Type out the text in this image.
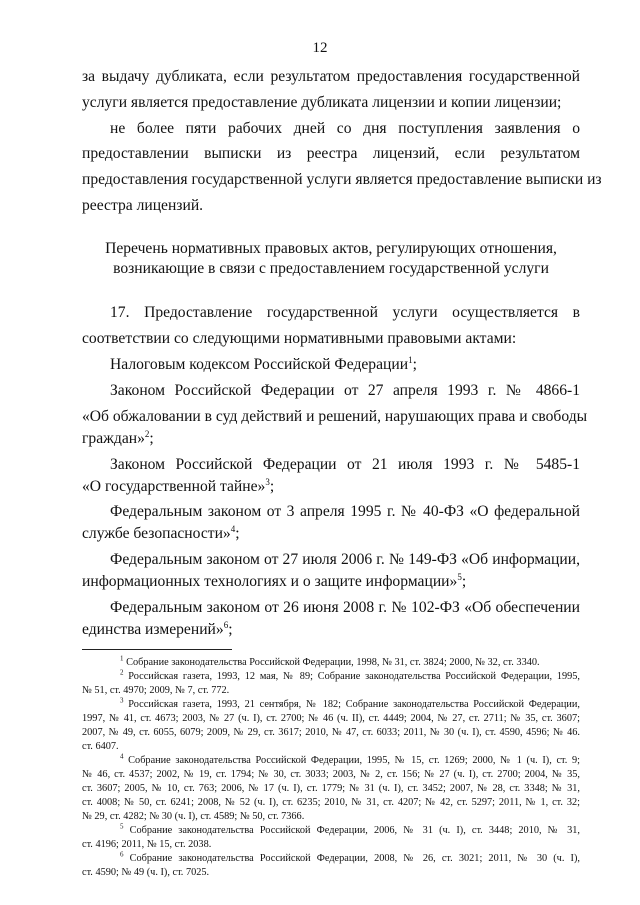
12
за выдачу дубликата, если результатом предоставления государственной
услуги является предоставление дубликата лицензии и копии лицензии;
не более пяти рабочих дней со дня поступления заявления о
предоставлении выписки из реестра лицензий, если результатом
предоставления государственной услуги является предоставление выписки из
реестра лицензий.
Перечень нормативных правовых актов, регулирующих отношения,
возникающие в связи с предоставлением государственной услуги
17. Предоставление государственной услуги осуществляется в
соответствии со следующими нормативными правовыми актами:
Налоговым кодексом Российской Федерации$^1$;
Законом Российской Федерации от 27 апреля 1993 г. № 4866-1
«Об обжаловании в суд действий и решений, нарушающих права и свободы
граждан»$^2$;
Законом Российской Федерации от 21 июля 1993 г. № 5485-1
«О государственной тайне»$^3$;
Федеральным законом от 3 апреля 1995 г. № 40-ФЗ «О федеральной
службе безопасности»$^4$;
Федеральным законом от 27 июля 2006 г. № 149-ФЗ «Об информации,
информационных технологиях и о защите информации»$^5$;
Федеральным законом от 26 июня 2008 г. № 102-ФЗ «Об обеспечении
единства измерений»$^6$;
$^1$ Собрание законодательства Российской Федерации, 1998, № 31, ст. 3824; 2000, № 32, ст. 3340.
$^2$ Российская газета, 1993, 12 мая, № 89; Собрание законодательства Российской Федерации, 1995,
№ 51, ст. 4970; 2009, № 7, ст. 772.
$^3$ Российская газета, 1993, 21 сентября, № 182; Собрание законодательства Российской Федерации,
1997, № 41, ст. 4673; 2003, № 27 (ч. I), ст. 2700; № 46 (ч. II), ст. 4449; 2004, № 27, ст. 2711; № 35, ст. 3607;
2007, № 49, ст. 6055, 6079; 2009, № 29, ст. 3617; 2010, № 47, ст. 6033; 2011, № 30 (ч. I), ст. 4590, 4596; № 46.
ст. 6407.
$^4$ Собрание законодательства Российской Федерации, 1995, № 15, ст. 1269; 2000, № 1 (ч. I), ст. 9;
№ 46, ст. 4537; 2002, № 19, ст. 1794; № 30, ст. 3033; 2003, № 2, ст. 156; № 27 (ч. I), ст. 2700; 2004, № 35,
ст. 3607; 2005, № 10, ст. 763; 2006, № 17 (ч. I), ст. 1779; № 31 (ч. I), ст. 3452; 2007, № 28, ст. 3348; № 31,
ст. 4008; № 50, ст. 6241; 2008, № 52 (ч. I), ст. 6235; 2010, № 31, ст. 4207; № 42, ст. 5297; 2011, № 1, ст. 32;
№ 29, ст. 4282; № 30 (ч. I), ст. 4589; № 50, ст. 7366.
$^5$ Собрание законодательства Российской Федерации, 2006, № 31 (ч. I), ст. 3448; 2010, № 31,
ст. 4196; 2011, № 15, ст. 2038.
$^6$ Собрание законодательства Российской Федерации, 2008, № 26, ст. 3021; 2011, № 30 (ч. I),
ст. 4590; № 49 (ч. I), ст. 7025.
